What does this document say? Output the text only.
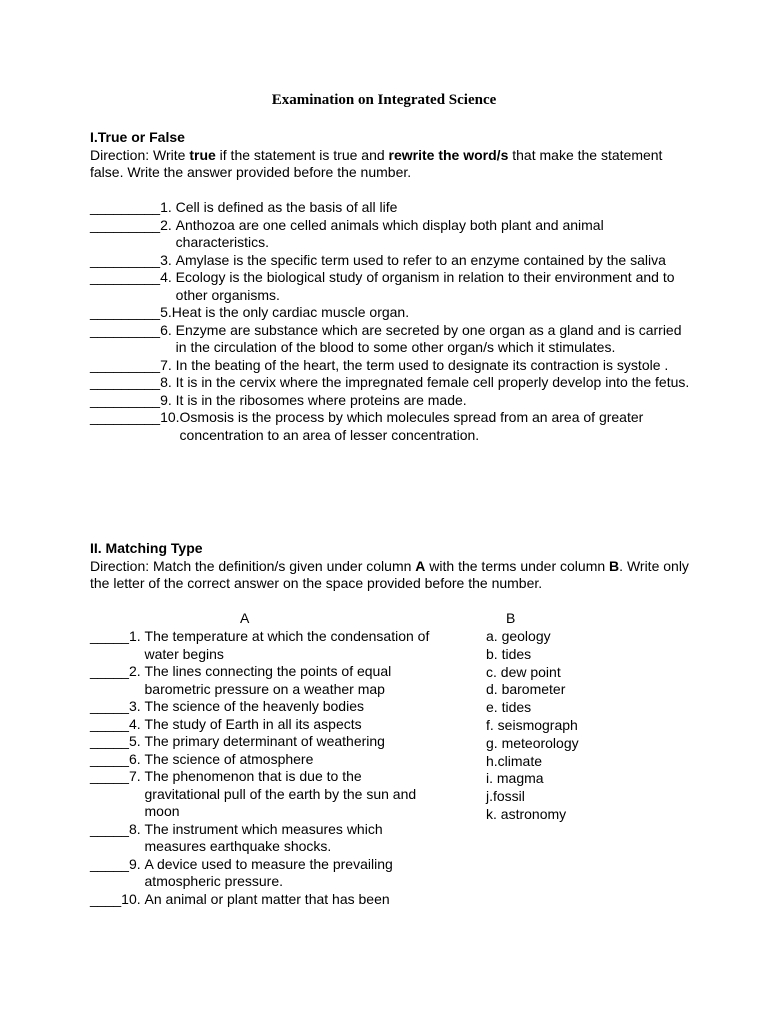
Examination on Integrated Science
I.True or False
Direction: Write true if the statement is true and rewrite the word/s that make the statement false. Write the answer provided before the number.
_________ 1. Cell is defined as the basis of all life
_________ 2. Anthozoa are one celled animals which display both plant and animal characteristics.
_________ 3. Amylase is the specific term used to refer to an enzyme contained by the saliva
_________ 4. Ecology is the biological study of organism in relation to their environment and to other organisms.
_________ 5. Heat is the only cardiac muscle organ.
_________ 6. Enzyme are substance which are secreted by one organ as a gland and is carried in the circulation of the blood to some other organ/s which it stimulates.
_________ 7. In the beating of the heart, the term used to designate its contraction is systole .
_________ 8. It is in the cervix where the impregnated female cell properly develop into the fetus.
_________ 9. It is in the ribosomes where proteins are made.
_________ 10. Osmosis is the process by which molecules spread from an area of greater concentration to an area of lesser concentration.
II. Matching Type
Direction: Match the definition/s given under column A with the terms under column B. Write only the letter of the correct answer on the space provided before the number.
A	B
_____ 1. The temperature at which the condensation of water begins
_____ 2. The lines connecting the points of equal barometric pressure on a weather map
_____ 3. The science of the heavenly bodies
_____ 4. The study of Earth in all its aspects
_____ 5. The primary determinant of weathering
_____ 6. The science of atmosphere
_____ 7. The phenomenon that is due to the gravitational pull of the earth by the sun and moon
_____ 8. The instrument which measures which measures earthquake shocks.
_____ 9. A device used to measure the prevailing atmospheric pressure.
____ 10. An animal or plant matter that has been
a. geology
b. tides
c. dew point
d. barometer
e. tides
f. seismograph
g. meteorology
h.climate
i. magma
j.fossil
k. astronomy
